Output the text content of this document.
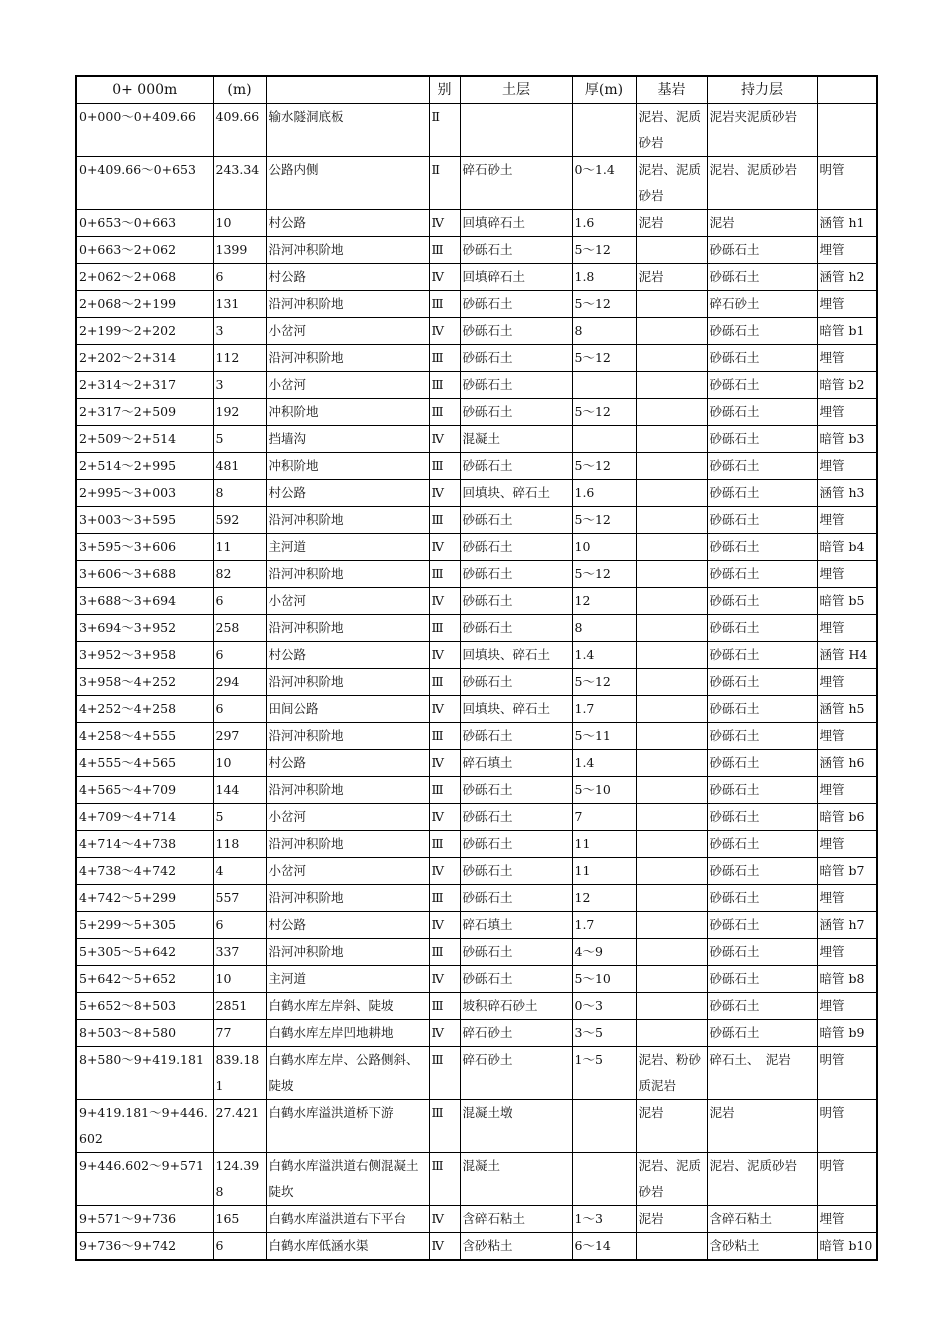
0+ 000m	(m)		别	土层	厚(m)	基岩	持力层	
0+000～0+409.66	409.66	输水隧洞底板	Ⅱ			泥岩、泥质砂岩	泥岩夹泥质砂岩	
0+409.66～0+653	243.34	公路内侧	Ⅱ	碎石砂土	0～1.4	泥岩、泥质砂岩	泥岩、泥质砂岩	明管
0+653～0+663	10	村公路	Ⅳ	回填碎石土	1.6	泥岩	泥岩	涵管 h1
0+663～2+062	1399	沿河冲积阶地	Ⅲ	砂砾石土	5～12		砂砾石土	埋管
2+062～2+068	6	村公路	Ⅳ	回填碎石土	1.8	泥岩	砂砾石土	涵管 h2
2+068～2+199	131	沿河冲积阶地	Ⅲ	砂砾石土	5～12		碎石砂土	埋管
2+199～2+202	3	小岔河	Ⅳ	砂砾石土	8		砂砾石土	暗管 b1
2+202～2+314	112	沿河冲积阶地	Ⅲ	砂砾石土	5～12		砂砾石土	埋管
2+314～2+317	3	小岔河	Ⅲ	砂砾石土			砂砾石土	暗管 b2
2+317～2+509	192	冲积阶地	Ⅲ	砂砾石土	5～12		砂砾石土	埋管
2+509～2+514	5	挡墙沟	Ⅳ	混凝土			砂砾石土	暗管 b3
2+514～2+995	481	冲积阶地	Ⅲ	砂砾石土	5～12		砂砾石土	埋管
2+995～3+003	8	村公路	Ⅳ	回填块、碎石土	1.6		砂砾石土	涵管 h3
3+003～3+595	592	沿河冲积阶地	Ⅲ	砂砾石土	5～12		砂砾石土	埋管
3+595～3+606	11	主河道	Ⅳ	砂砾石土	10		砂砾石土	暗管 b4
3+606～3+688	82	沿河冲积阶地	Ⅲ	砂砾石土	5～12		砂砾石土	埋管
3+688～3+694	6	小岔河	Ⅳ	砂砾石土	12		砂砾石土	暗管 b5
3+694～3+952	258	沿河冲积阶地	Ⅲ	砂砾石土	8		砂砾石土	埋管
3+952～3+958	6	村公路	Ⅳ	回填块、碎石土	1.4		砂砾石土	涵管 H4
3+958～4+252	294	沿河冲积阶地	Ⅲ	砂砾石土	5～12		砂砾石土	埋管
4+252～4+258	6	田间公路	Ⅳ	回填块、碎石土	1.7		砂砾石土	涵管 h5
4+258～4+555	297	沿河冲积阶地	Ⅲ	砂砾石土	5～11		砂砾石土	埋管
4+555～4+565	10	村公路	Ⅳ	碎石填土	1.4		砂砾石土	涵管 h6
4+565～4+709	144	沿河冲积阶地	Ⅲ	砂砾石土	5～10		砂砾石土	埋管
4+709～4+714	5	小岔河	Ⅳ	砂砾石土	7		砂砾石土	暗管 b6
4+714～4+738	118	沿河冲积阶地	Ⅲ	砂砾石土	11		砂砾石土	埋管
4+738～4+742	4	小岔河	Ⅳ	砂砾石土	11		砂砾石土	暗管 b7
4+742～5+299	557	沿河冲积阶地	Ⅲ	砂砾石土	12		砂砾石土	埋管
5+299～5+305	6	村公路	Ⅳ	碎石填土	1.7		砂砾石土	涵管 h7
5+305～5+642	337	沿河冲积阶地	Ⅲ	砂砾石土	4～9		砂砾石土	埋管
5+642～5+652	10	主河道	Ⅳ	砂砾石土	5～10		砂砾石土	暗管 b8
5+652～8+503	2851	白鹤水库左岸斜、陡坡	Ⅲ	坡积碎石砂土	0～3		砂砾石土	埋管
8+503～8+580	77	白鹤水库左岸凹地耕地	Ⅳ	碎石砂土	3～5		砂砾石土	暗管 b9
8+580～9+419.181	839.181	白鹤水库左岸、公路侧斜、陡坡	Ⅲ	碎石砂土	1～5	泥岩、粉砂质泥岩	碎石土、　泥岩	明管
9+419.181～9+446.602	27.421	白鹤水库溢洪道桥下游	Ⅲ	混凝土墩		泥岩	泥岩	明管
9+446.602～9+571	124.398	白鹤水库溢洪道右侧混凝土陡坎	Ⅲ	混凝土		泥岩、泥质砂岩	泥岩、泥质砂岩	明管
9+571～9+736	165	白鹤水库溢洪道右下平台	Ⅳ	含碎石粘土	1～3	泥岩	含碎石粘土	埋管
9+736～9+742	6	白鹤水库低涵水渠	Ⅳ	含砂粘土	6～14		含砂粘土	暗管 b10
